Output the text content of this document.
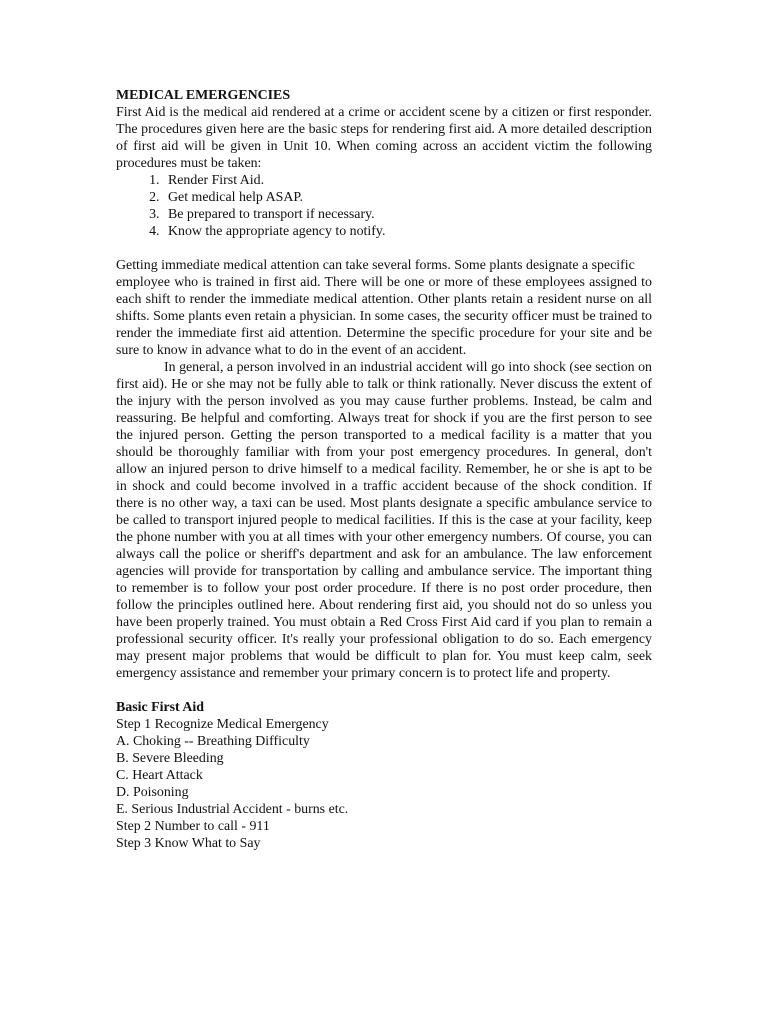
MEDICAL EMERGENCIES

First Aid is the medical aid rendered at a crime or accident scene by a citizen or first responder. The procedures given here are the basic steps for rendering first aid. A more detailed description of first aid will be given in Unit 10. When coming across an accident victim the following procedures must be taken:

1. Render First Aid.
2. Get medical help ASAP.
3. Be prepared to transport if necessary.
4. Know the appropriate agency to notify.

Getting immediate medical attention can take several forms. Some plants designate a specific

employee who is trained in first aid. There will be one or more of these employees assigned to each shift to render the immediate medical attention. Other plants retain a resident nurse on all shifts. Some plants even retain a physician. In some cases, the security officer must be trained to render the immediate first aid attention. Determine the specific procedure for your site and be sure to know in advance what to do in the event of an accident.

In general, a person involved in an industrial accident will go into shock (see section on first aid). He or she may not be fully able to talk or think rationally. Never discuss the extent of the injury with the person involved as you may cause further problems. Instead, be calm and reassuring. Be helpful and comforting. Always treat for shock if you are the first person to see the injured person. Getting the person transported to a medical facility is a matter that you should be thoroughly familiar with from your post emergency procedures. In general, don't allow an injured person to drive himself to a medical facility. Remember, he or she is apt to be in shock and could become involved in a traffic accident because of the shock condition. If there is no other way, a taxi can be used. Most plants designate a specific ambulance service to be called to transport injured people to medical facilities. If this is the case at your facility, keep the phone number with you at all times with your other emergency numbers. Of course, you can always call the police or sheriff's department and ask for an ambulance. The law enforcement agencies will provide for transportation by calling and ambulance service. The important thing to remember is to follow your post order procedure. If there is no post order procedure, then follow the principles outlined here. About rendering first aid, you should not do so unless you have been properly trained. You must obtain a Red Cross First Aid card if you plan to remain a professional security officer. It's really your professional obligation to do so. Each emergency may present major problems that would be difficult to plan for. You must keep calm, seek emergency assistance and remember your primary concern is to protect life and property.

Basic First Aid
Step 1 Recognize Medical Emergency
A. Choking -- Breathing Difficulty
B. Severe Bleeding
C. Heart Attack
D. Poisoning
E. Serious Industrial Accident - burns etc.
Step 2 Number to call - 911
Step 3 Know What to Say
